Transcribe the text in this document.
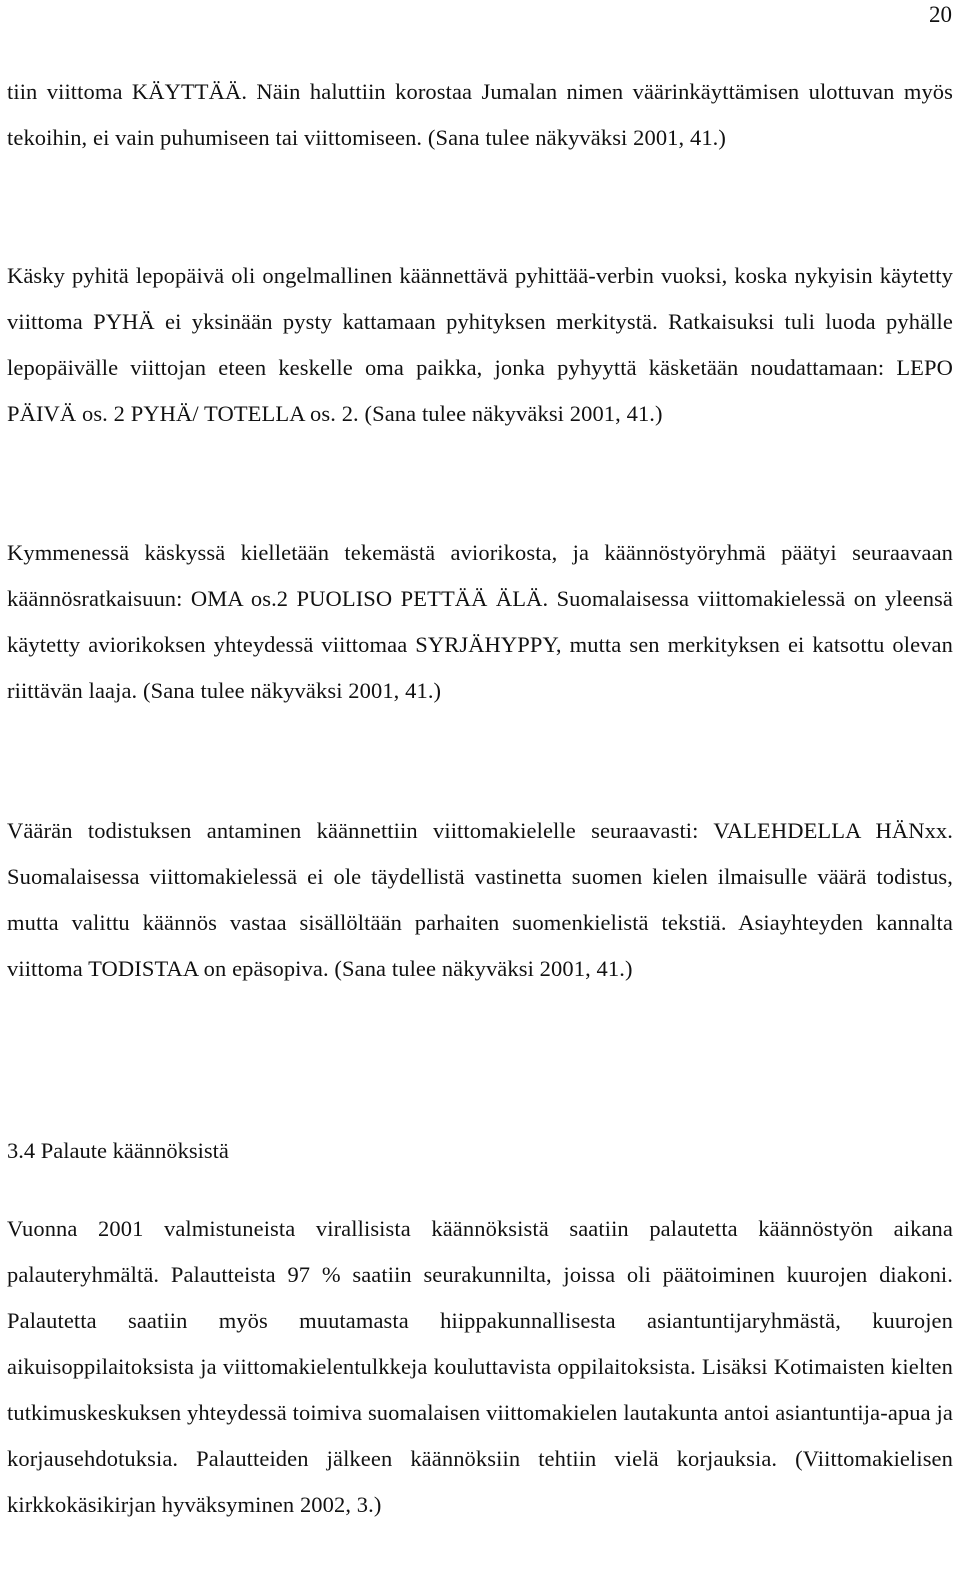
20

tiin viittoma KÄYTTÄÄ. Näin haluttiin korostaa Jumalan nimen väärinkäyttämisen ulottuvan myös tekoihin, ei vain puhumiseen tai viittomiseen. (Sana tulee näkyväksi 2001, 41.)

Käsky pyhitä lepopäivä oli ongelmallinen käännettävä pyhittää-verbin vuoksi, koska nykyisin käytetty viittoma PYHÄ ei yksinään pysty kattamaan pyhityksen merkitystä. Ratkaisuksi tuli luoda pyhälle lepopäivälle viittojan eteen keskelle oma paikka, jonka pyhyyttä käsketään noudattamaan: LEPO PÄIVÄ os. 2 PYHÄ/ TOTELLA os. 2. (Sana tulee näkyväksi 2001, 41.)

Kymmenessä käskyssä kielletään tekemästä aviorikosta, ja käännöstyöryhmä päätyi seuraavaan käännösratkaisuun: OMA os.2 PUOLISO PETTÄÄ ÄLÄ. Suomalaisessa viittomakielessä on yleensä käytetty aviorikoksen yhteydessä viittomaa SYRJÄHYPPY, mutta sen merkityksen ei katsottu olevan riittävän laaja. (Sana tulee näkyväksi 2001, 41.)

Väärän todistuksen antaminen käännettiin viittomakielelle seuraavasti: VALEHDELLA HÄNxx. Suomalaisessa viittomakielessä ei ole täydellistä vastinetta suomen kielen ilmaisulle väärä todistus, mutta valittu käännös vastaa sisällöltään parhaiten suomenkielistä tekstiä. Asiayhteyden kannalta viittoma TODISTAA on epäsopiva. (Sana tulee näkyväksi 2001, 41.)

3.4 Palaute käännöksistä

Vuonna 2001 valmistuneista virallisista käännöksistä saatiin palautetta käännöstyön aikana palauteryhmältä. Palautteista 97 % saatiin seurakunnilta, joissa oli päätoiminen kuurojen diakoni. Palautetta saatiin myös muutamasta hiippakunnallisesta asiantuntijaryhmästä, kuurojen aikuisoppilaitoksista ja viittomakielentulkkeja kouluttavista oppilaitoksista. Lisäksi Kotimaisten kielten tutkimuskeskuksen yhteydessä toimiva suomalaisen viittomakielen lautakunta antoi asiantuntija-apua ja korjausehdotuksia. Palautteiden jälkeen käännöksiin tehtiin vielä korjauksia. (Viittomakielisen kirkkokäsikirjan hyväksyminen 2002, 3.)
